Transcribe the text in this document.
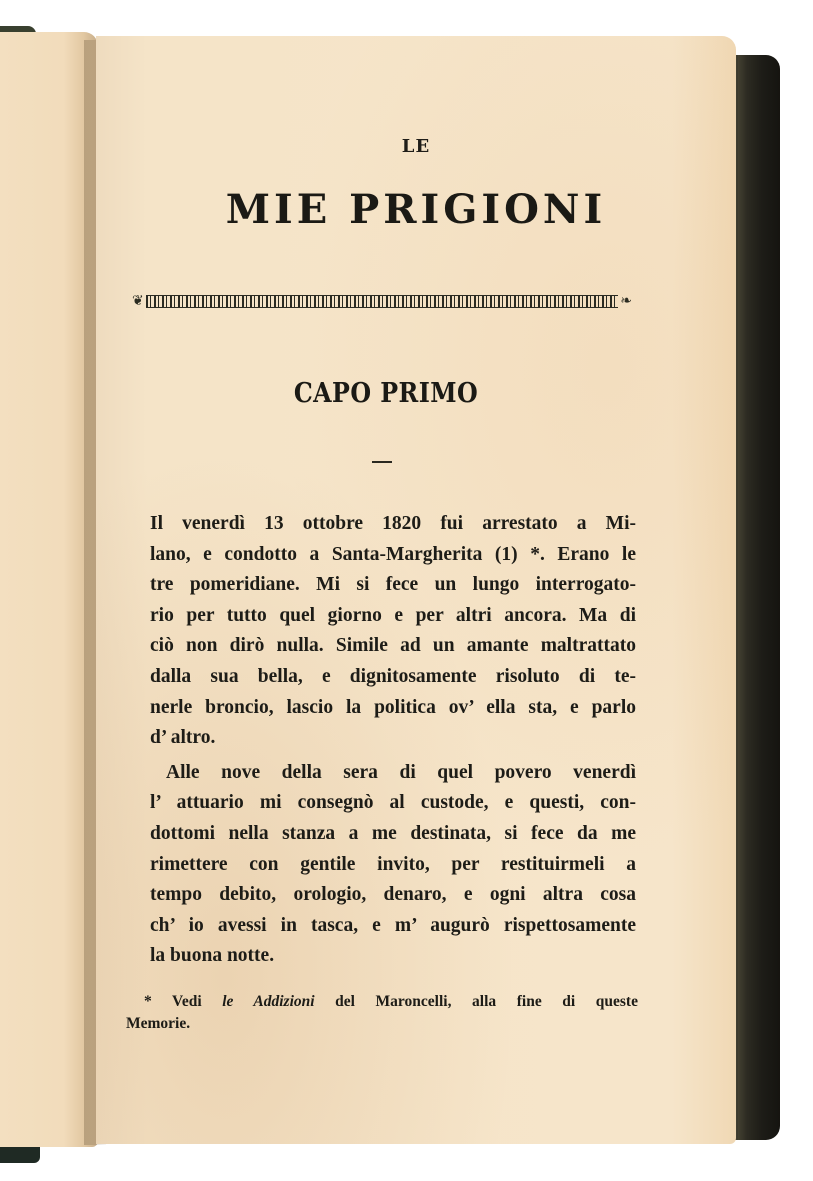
LE
MIE PRIGIONI
❦	❧
CAPO PRIMO

Il venerdì 13 ottobre 1820 fui arrestato a Mi-
lano, e condotto a Santa-Margherita (1) *. Erano le
tre pomeridiane. Mi si fece un lungo interrogato-
rio per tutto quel giorno e per altri ancora. Ma di
ciò non dirò nulla. Simile ad un amante maltrattato
dalla sua bella, e dignitosamente risoluto di te-
nerle broncio, lascio la politica ov’ ella sta, e parlo
d’ altro.

Alle nove della sera di quel povero venerdì
l’ attuario mi consegnò al custode, e questi, con-
dottomi nella stanza a me destinata, si fece da me
rimettere con gentile invito, per restituirmeli a
tempo debito, orologio, denaro, e ogni altra cosa
ch’ io avessi in tasca, e m’ augurò rispettosamente
la buona notte.

* Vedi le Addizioni del Maroncelli, alla fine di queste
Memorie.
